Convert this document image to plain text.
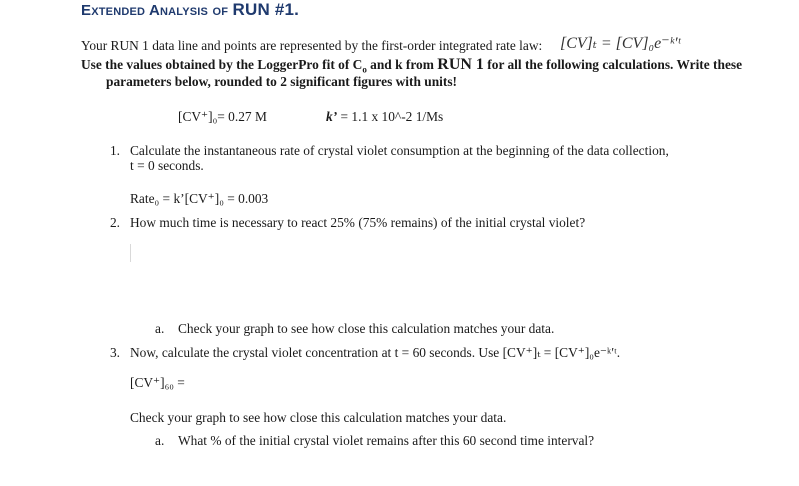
Extended Analysis of RUN #1.
Your RUN 1 data line and points are represented by the first-order integrated rate law: [CV]ₜ = [CV]₀e⁻ᵏ′ᵗ
Use the values obtained by the LoggerPro fit of $C_o$ and k from RUN 1 for all the following calculations. Write these
parameters below, rounded to 2 significant figures with units!
[CV⁺]₀= 0.27 M	k’ = 1.1 x 10^-2 1/Ms
1. Calculate the instantaneous rate of crystal violet consumption at the beginning of the data collection,
t = 0 seconds.
Rate₀ = k’[CV⁺]₀ = 0.003
2. How much time is necessary to react 25% (75% remains) of the initial crystal violet?
a. Check your graph to see how close this calculation matches your data.
3. Now, calculate the crystal violet concentration at t = 60 seconds. Use [CV⁺]ₜ = [CV⁺]₀e⁻ᵏ′ᵗ.
[CV⁺]₆₀ =
Check your graph to see how close this calculation matches your data.
a. What % of the initial crystal violet remains after this 60 second time interval?
